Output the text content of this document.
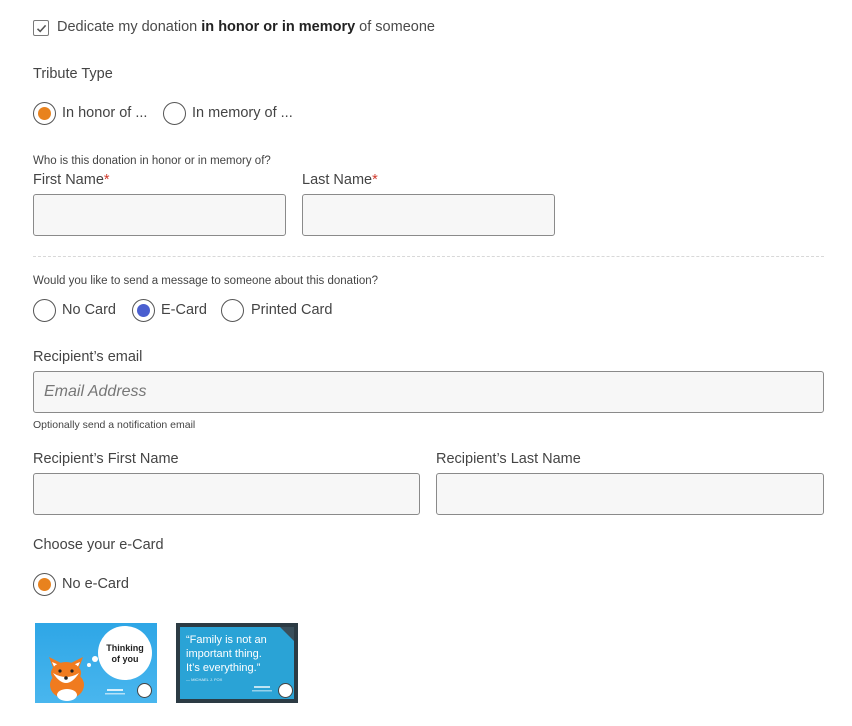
Dedicate my donation in honor or in memory of someone
Tribute Type
In honor of ...	In memory of ...
Who is this donation in honor or in memory of?
First Name*	Last Name*
Would you like to send a message to someone about this donation?
No Card	E-Card	Printed Card
Recipient’s email
Email Address
Optionally send a notification email
Recipient’s First Name	Recipient’s Last Name
Choose your e-Card
No e-Card
Thinking
of you
“Family is not an
important thing.
It’s everything.”
— MICHAEL J. FOX
